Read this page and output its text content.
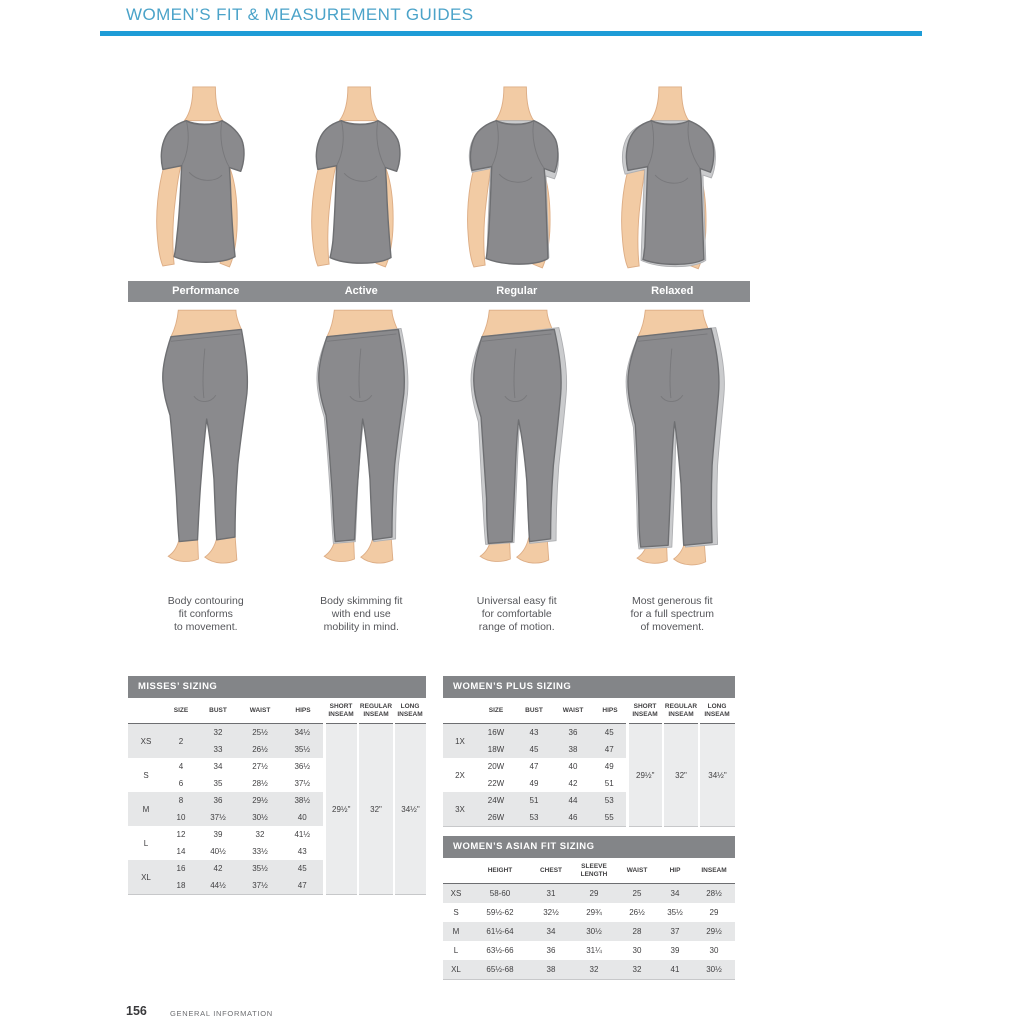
WOMEN’S FIT & MEASUREMENT GUIDES
Performance	Active	Regular	Relaxed
Body contouring
fit conforms
to movement.
Body skimming fit
with end use
mobility in mind.
Universal easy fit
for comfortable
range of motion.
Most generous fit
for a full spectrum
of movement.
MISSES’ SIZING
	SIZE	BUST	WAIST	HIPS	SHORT INSEAM	REGULAR INSEAM	LONG INSEAM
XS	2	32	25½	34½	29½"	32"	34½"
		33	26½	35½			
S	4	34	27½	36½			
	6	35	28½	37½			
M	8	36	29½	38½			
	10	37½	30½	40			
L	12	39	32	41½			
	14	40½	33½	43			
XL	16	42	35½	45			
	18	44½	37½	47			
WOMEN’S PLUS SIZING
	SIZE	BUST	WAIST	HIPS	SHORT INSEAM	REGULAR INSEAM	LONG INSEAM
1X	16W	43	36	45	29½"	32"	34½"
	18W	45	38	47			
2X	20W	47	40	49			
	22W	49	42	51			
3X	24W	51	44	53			
	26W	53	46	55			
WOMEN’S ASIAN FIT SIZING
	HEIGHT	CHEST	SLEEVE LENGTH	WAIST	HIP	INSEAM
XS	58-60	31	29	25	34	28½
S	59½-62	32½	29¾	26½	35½	29
M	61½-64	34	30½	28	37	29½
L	63½-66	36	31¼	30	39	30
XL	65½-68	38	32	32	41	30½
156	GENERAL INFORMATION
